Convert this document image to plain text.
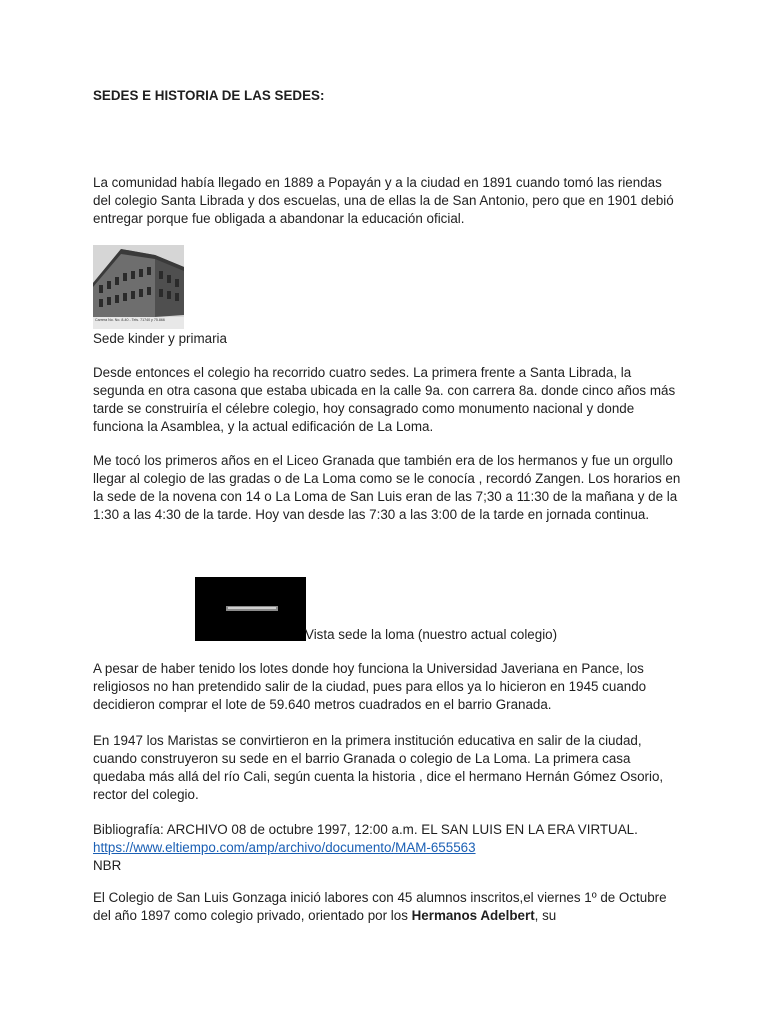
SEDES E HISTORIA DE LAS SEDES:
La comunidad había llegado en 1889 a Popayán y a la ciudad en 1891 cuando tomó las riendas del colegio Santa Librada y dos escuelas, una de ellas la de San Antonio, pero que en 1901 debió entregar porque fue obligada a abandonar la educación oficial.
Carrera No. No. 8-40 - Tels. 71740 y 75.866
Sede kinder y primaria
Desde entonces el colegio ha recorrido cuatro sedes. La primera frente a Santa Librada, la segunda en otra casona que estaba ubicada en la calle 9a. con carrera 8a. donde cinco años más tarde se construiría el célebre colegio, hoy consagrado como monumento nacional y donde funciona la Asamblea, y la actual edificación de La Loma.
Me tocó los primeros años en el Liceo Granada que también era de los hermanos y fue un orgullo llegar al colegio de las gradas o de La Loma como se le conocía , recordó Zangen. Los horarios en la sede de la novena con 14 o La Loma de San Luis eran de las 7;30 a 11:30 de la mañana y de la 1:30 a las 4:30 de la tarde. Hoy van desde las 7:30 a las 3:00 de la tarde en jornada continua.
Vista sede la loma (nuestro actual colegio)
A pesar de haber tenido los lotes donde hoy funciona la Universidad Javeriana en Pance, los religiosos no han pretendido salir de la ciudad, pues para ellos ya lo hicieron en 1945 cuando decidieron comprar el lote de 59.640 metros cuadrados en el barrio Granada.
En 1947 los Maristas se convirtieron en la primera institución educativa en salir de la ciudad, cuando construyeron su sede en el barrio Granada o colegio de La Loma. La primera casa quedaba más allá del río Cali, según cuenta la historia , dice el hermano Hernán Gómez Osorio, rector del colegio.
Bibliografía: ARCHIVO 08 de octubre 1997, 12:00 a.m. EL SAN LUIS EN LA ERA VIRTUAL. https://www.eltiempo.com/amp/archivo/documento/MAM-655563
NBR
El Colegio de San Luis Gonzaga inició labores con 45 alumnos inscritos,el viernes 1º de Octubre del año 1897 como colegio privado, orientado por los Hermanos Adelbert, su
